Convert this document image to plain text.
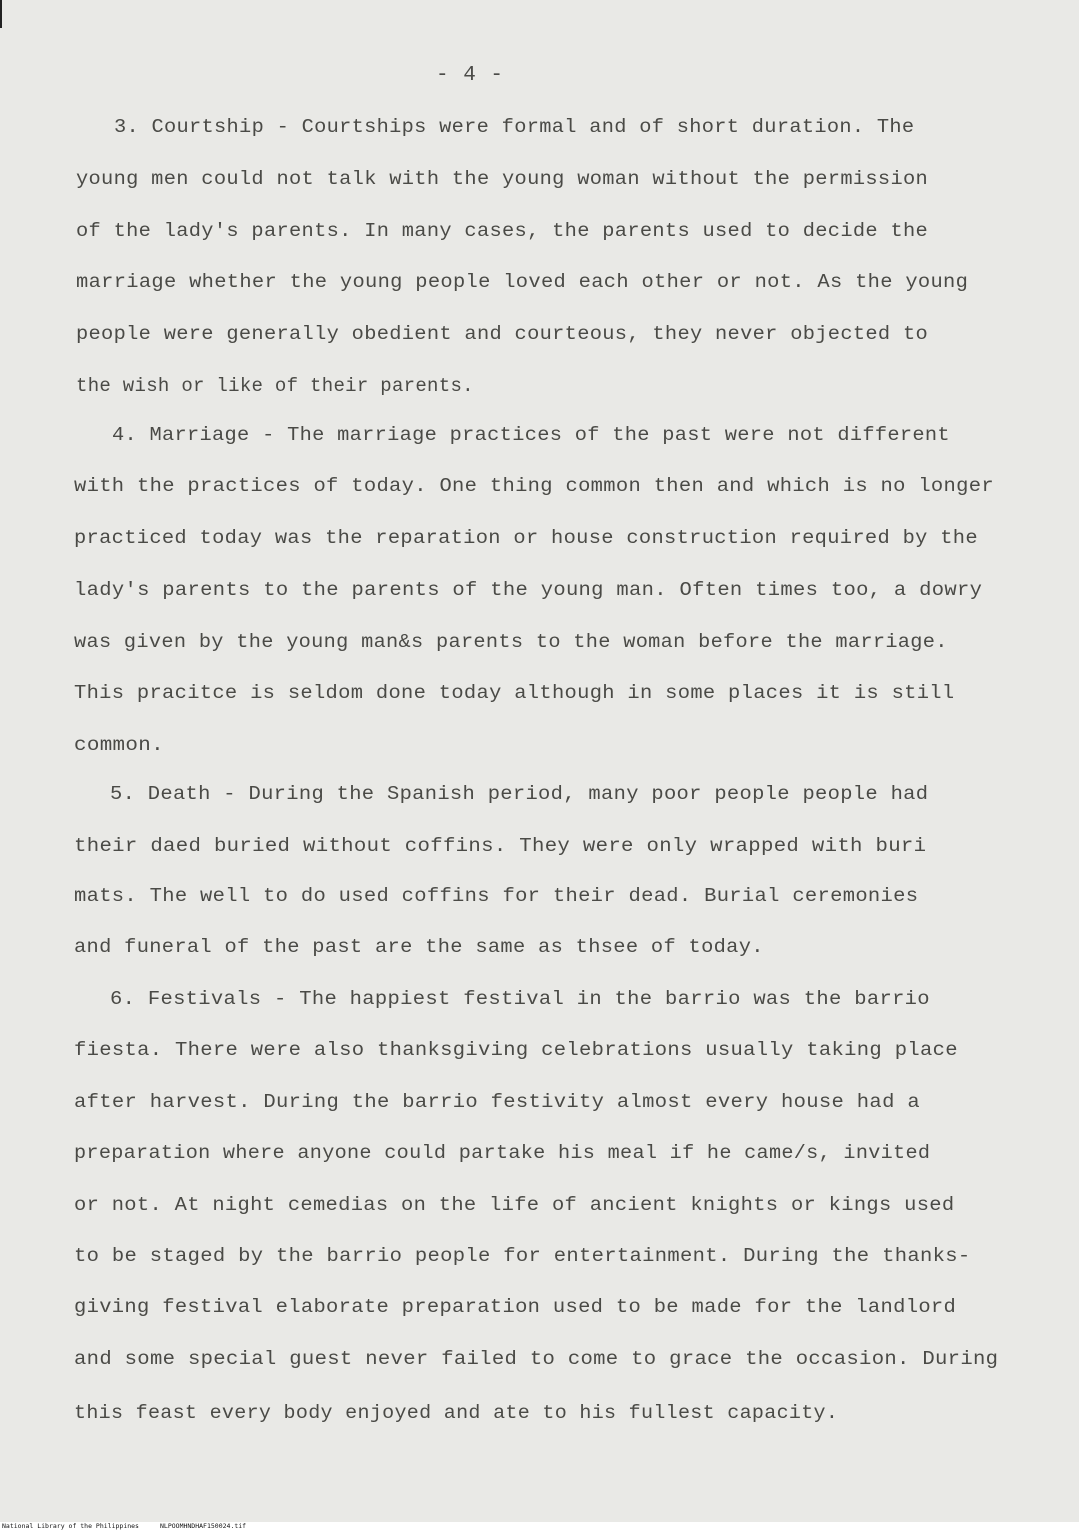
- 4 -

3. Courtship - Courtships were formal and of short duration. The

young men could not talk with the young woman without the permission

of the lady's parents. In many cases, the parents used to decide the

marriage whether the young people loved each other or not. As the young

people were generally obedient and courteous, they never objected to

the wish or like of their parents.

4. Marriage - The marriage practices of the past were not different

with the practices of today. One thing common then and which is no longer

practiced today was the reparation or house construction required by the

lady's parents to the parents of the young man. Often times too, a dowry

was given by the young man&s parents to the woman before the marriage.

This pracitce is seldom done today although in some places it is still

common.

5. Death - During the Spanish period, many poor people people had

their daed buried without coffins. They were only wrapped with buri

mats. The well to do used coffins for their dead. Burial ceremonies

and funeral of the past are the same as thsee of today.

6. Festivals - The happiest festival in the barrio was the barrio

fiesta. There were also thanksgiving celebrations usually taking place

after harvest. During the barrio festivity almost every house had a

preparation where anyone could partake his meal if he came/s, invited

or not. At night cemedias on the life of ancient knights or kings used

to be staged by the barrio people for entertainment. During the thanks-

giving festival elaborate preparation used to be made for the landlord

and some special guest never failed to come to grace the occasion. During

this feast every body enjoyed and ate to his fullest capacity.

National Library of the Philippines	NLPOOMHNDHAF150024.tif
